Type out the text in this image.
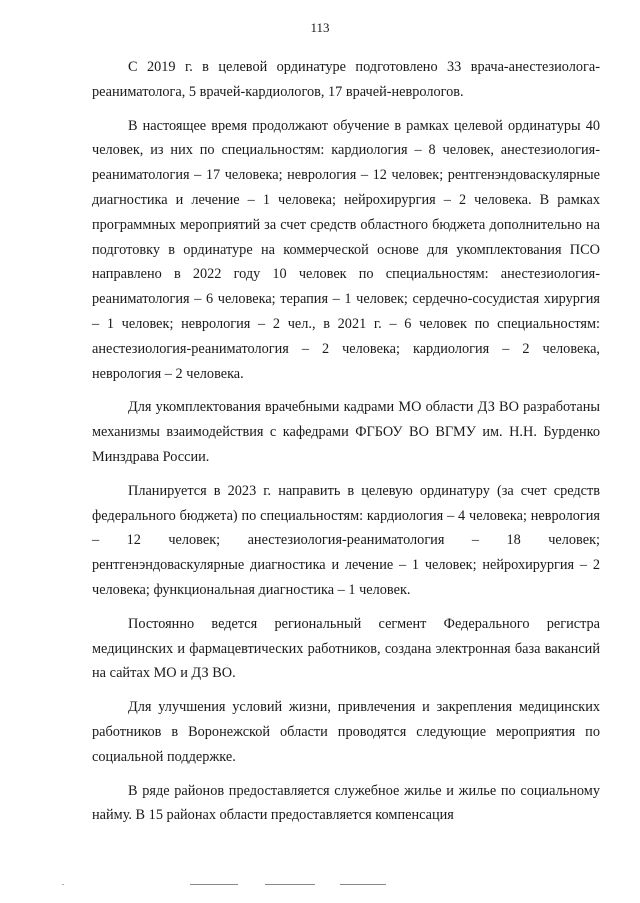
113

С 2019 г. в целевой ординатуре подготовлено 33 врача-анестезиолога-реаниматолога, 5 врачей-кардиологов, 17 врачей-неврологов.

В настоящее время продолжают обучение в рамках целевой ординатуры 40 человек, из них по специальностям: кардиология – 8 человек, анестезиология-реаниматология – 17 человека; неврология – 12 человек; рентгенэндоваскулярные диагностика и лечение – 1 человека; нейрохирургия – 2 человека. В рамках программных мероприятий за счет средств областного бюджета дополнительно на подготовку в ординатуре на коммерческой основе для укомплектования ПСО направлено в 2022 году 10 человек по специальностям: анестезиология-реаниматология – 6 человека; терапия – 1 человек; сердечно-сосудистая хирургия – 1 человек; неврология – 2 чел., в 2021 г. – 6 человек по специальностям: анестезиология-реаниматология – 2 человека; кардиология – 2 человека, неврология – 2 человека.

Для укомплектования врачебными кадрами МО области ДЗ ВО разработаны механизмы взаимодействия с кафедрами ФГБОУ ВО ВГМУ им. Н.Н. Бурденко Минздрава России.

Планируется в 2023 г. направить в целевую ординатуру (за счет средств федерального бюджета) по специальностям: кардиология – 4 человека; неврология – 12 человек; анестезиология-реаниматология – 18 человек; рентгенэндоваскулярные диагностика и лечение – 1 человек; нейрохирургия – 2 человека; функциональная диагностика – 1 человек.

Постоянно ведется региональный сегмент Федерального регистра медицинских и фармацевтических работников, создана электронная база вакансий на сайтах МО и ДЗ ВО.

Для улучшения условий жизни, привлечения и закрепления медицинских работников в Воронежской области проводятся следующие мероприятия по социальной поддержке.

В ряде районов предоставляется служебное жилье и жилье по социальному найму. В 15 районах области предоставляется компенсация
